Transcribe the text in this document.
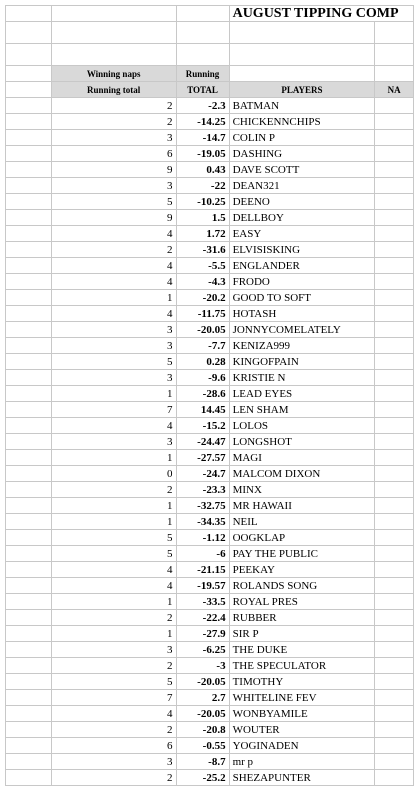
			AUGUST TIPPING COMP	

	Winning naps	Running		
	Running total	TOTAL	PLAYERS	NA
	2	-2.3	BATMAN	
	2	-14.25	CHICKENNCHIPS	
	3	-14.7	COLIN P	
	6	-19.05	DASHING	
	9	0.43	DAVE SCOTT	
	3	-22	DEAN321	
	5	-10.25	DEENO	
	9	1.5	DELLBOY	
	4	1.72	EASY	
	2	-31.6	ELVISISKING	
	4	-5.5	ENGLANDER	
	4	-4.3	FRODO	
	1	-20.2	GOOD TO SOFT	
	4	-11.75	HOTASH	
	3	-20.05	JONNYCOMELATELY	
	3	-7.7	KENIZA999	
	5	0.28	KINGOFPAIN	
	3	-9.6	KRISTIE N	
	1	-28.6	LEAD EYES	
	7	14.45	LEN SHAM	
	4	-15.2	LOLOS	
	3	-24.47	LONGSHOT	
	1	-27.57	MAGI	
	0	-24.7	MALCOM DIXON	
	2	-23.3	MINX	
	1	-32.75	MR HAWAII	
	1	-34.35	NEIL	
	5	-1.12	OOGKLAP	
	5	-6	PAY THE PUBLIC	
	4	-21.15	PEEKAY	
	4	-19.57	ROLANDS SONG	
	1	-33.5	ROYAL PRES	
	2	-22.4	RUBBER	
	1	-27.9	SIR P	
	3	-6.25	THE DUKE	
	2	-3	THE SPECULATOR	
	5	-20.05	TIMOTHY	
	7	2.7	WHITELINE FEV	
	4	-20.05	WONBYAMILE	
	2	-20.8	WOUTER	
	6	-0.55	YOGINADEN	
	3	-8.7	mr p	
	2	-25.2	SHEZAPUNTER	
